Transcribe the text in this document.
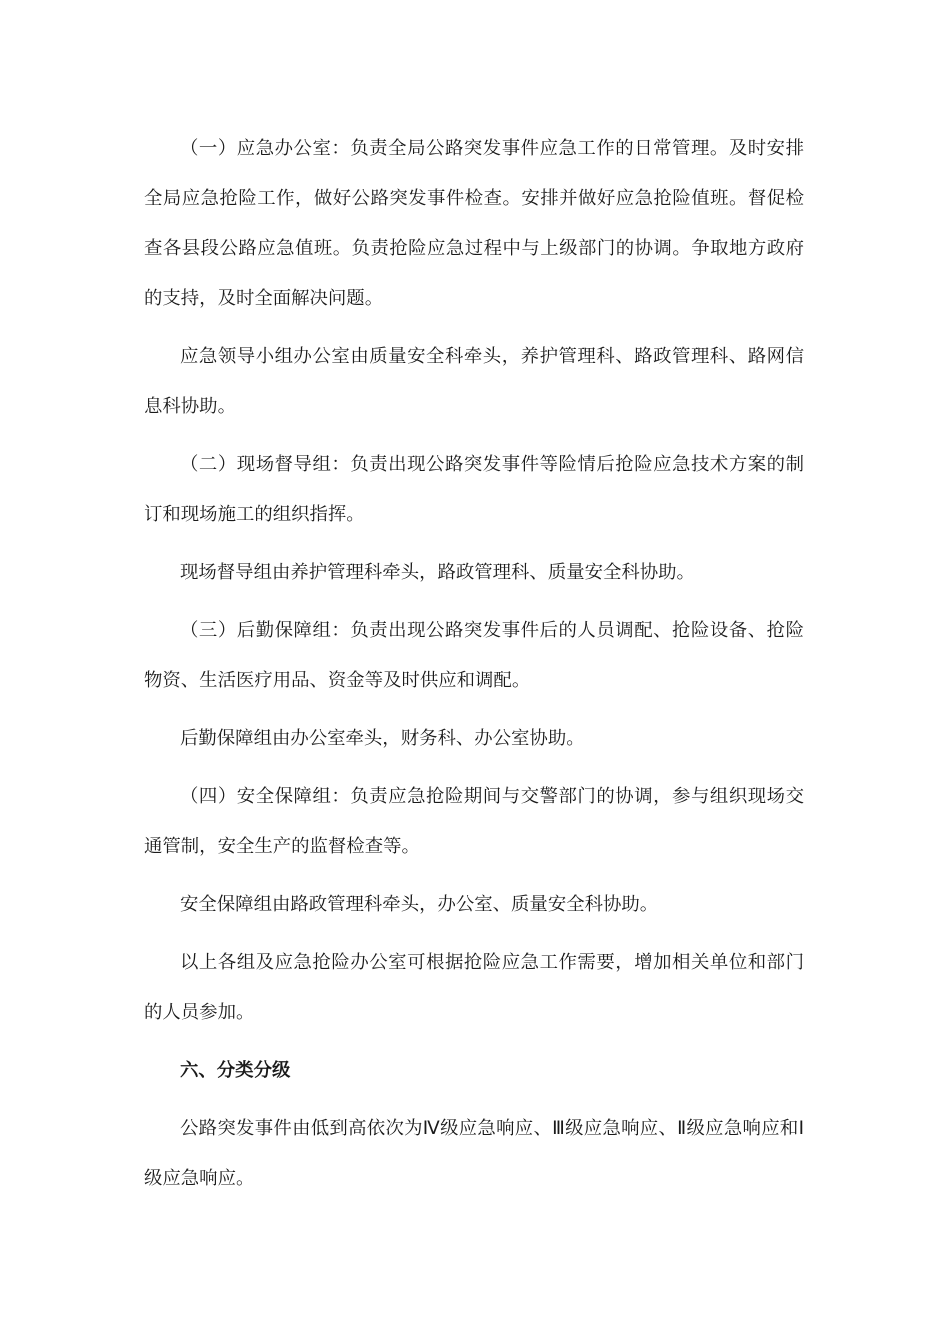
（一）应急办公室：负责全局公路突发事件应急工作的日常管理。及时安排全局应急抢险工作，做好公路突发事件检查。安排并做好应急抢险值班。督促检查各县段公路应急值班。负责抢险应急过程中与上级部门的协调。争取地方政府的支持，及时全面解决问题。

应急领导小组办公室由质量安全科牵头，养护管理科、路政管理科、路网信息科协助。

（二）现场督导组：负责出现公路突发事件等险情后抢险应急技术方案的制订和现场施工的组织指挥。

现场督导组由养护管理科牵头，路政管理科、质量安全科协助。

（三）后勤保障组：负责出现公路突发事件后的人员调配、抢险设备、抢险物资、生活医疗用品、资金等及时供应和调配。

后勤保障组由办公室牵头，财务科、办公室协助。

（四）安全保障组：负责应急抢险期间与交警部门的协调，参与组织现场交通管制，安全生产的监督检查等。

安全保障组由路政管理科牵头，办公室、质量安全科协助。

以上各组及应急抢险办公室可根据抢险应急工作需要，增加相关单位和部门的人员参加。

六、分类分级

公路突发事件由低到高依次为Ⅳ级应急响应、Ⅲ级应急响应、Ⅱ级应急响应和Ⅰ级应急响应。
